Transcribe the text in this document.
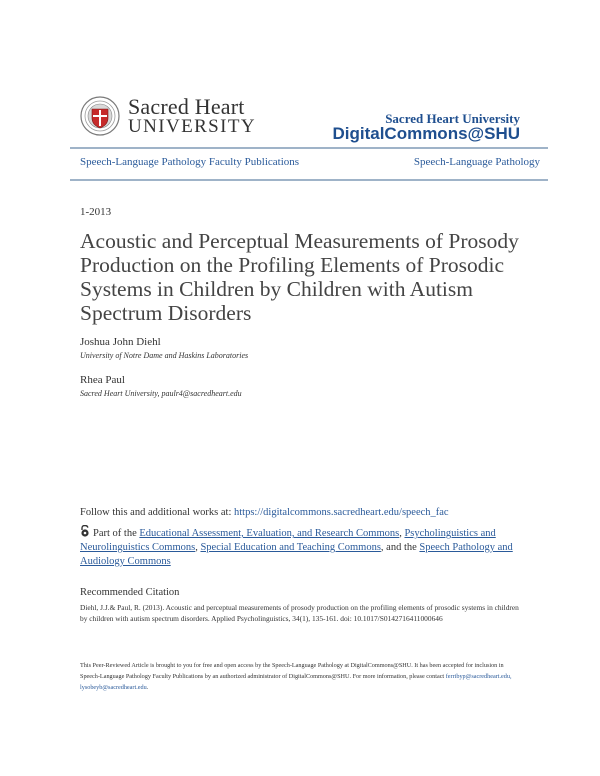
Sacred Heart
UNIVERSITY	Sacred Heart University
DigitalCommons@SHU
Speech-Language Pathology Faculty Publications	Speech-Language Pathology
1-2013
Acoustic and Perceptual Measurements of Prosody Production on the Profiling Elements of Prosodic Systems in Children by Children with Autism Spectrum Disorders
Joshua John Diehl
University of Notre Dame and Haskins Laboratories
Rhea Paul
Sacred Heart University, paulr4@sacredheart.edu
Follow this and additional works at: https://digitalcommons.sacredheart.edu/speech_fac
Part of the Educational Assessment, Evaluation, and Research Commons, Psycholinguistics and Neurolinguistics Commons, Special Education and Teaching Commons, and the Speech Pathology and Audiology Commons
Recommended Citation
Diehl, J.J.& Paul, R. (2013). Acoustic and perceptual measurements of prosody production on the profiling elements of prosodic systems in children by children with autism spectrum disorders. Applied Psycholinguistics, 34(1), 135-161. doi: 10.1017/S0142716411000646
This Peer-Reviewed Article is brought to you for free and open access by the Speech-Language Pathology at DigitalCommons@SHU. It has been accepted for inclusion in Speech-Language Pathology Faculty Publications by an authorized administrator of DigitalCommons@SHU. For more information, please contact ferribyp@sacredheart.edu, lysobeyb@sacredheart.edu.
